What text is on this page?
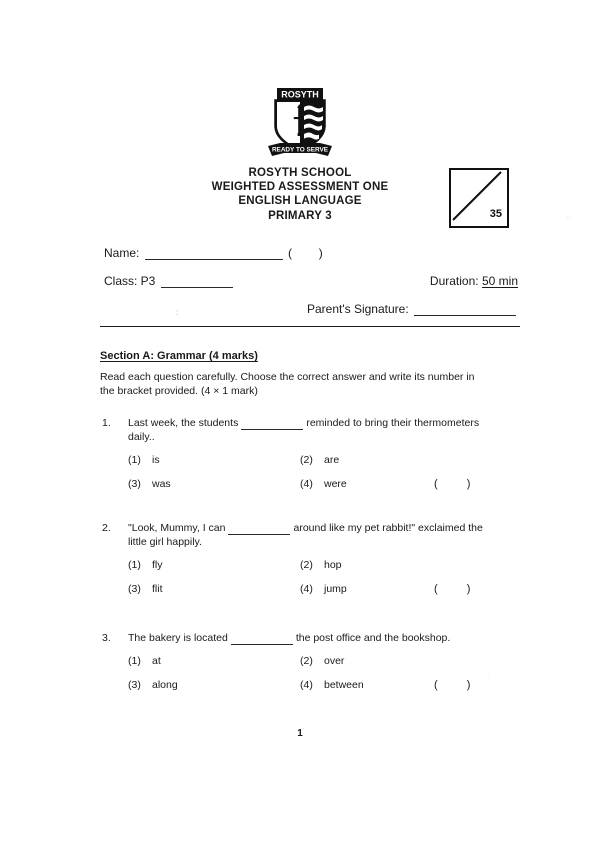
ROSYTH
READY TO SERVE
ROSYTH SCHOOL
WEIGHTED ASSESSMENT ONE
ENGLISH LANGUAGE
PRIMARY 3	35
Name:	( )
Class: P3	Duration: 50 min
:	Parent's Signature:
Section A: Grammar (4 marks)
Read each question carefully. Choose the correct answer and write its number in the bracket provided. (4 × 1 mark)
1. Last week, the students	reminded to bring their thermometers daily..
(1) is	(2) are
(3) was	(4) were	( )
2. "Look, Mummy, I can	around like my pet rabbit!" exclaimed the little girl happily.
(1) fly	(2) hop
(3) flit	(4) jump	( )
3. The bakery is located	the post office and the bookshop.
(1) at	(2) over
(3) along	(4) between	( )
1
··
·
